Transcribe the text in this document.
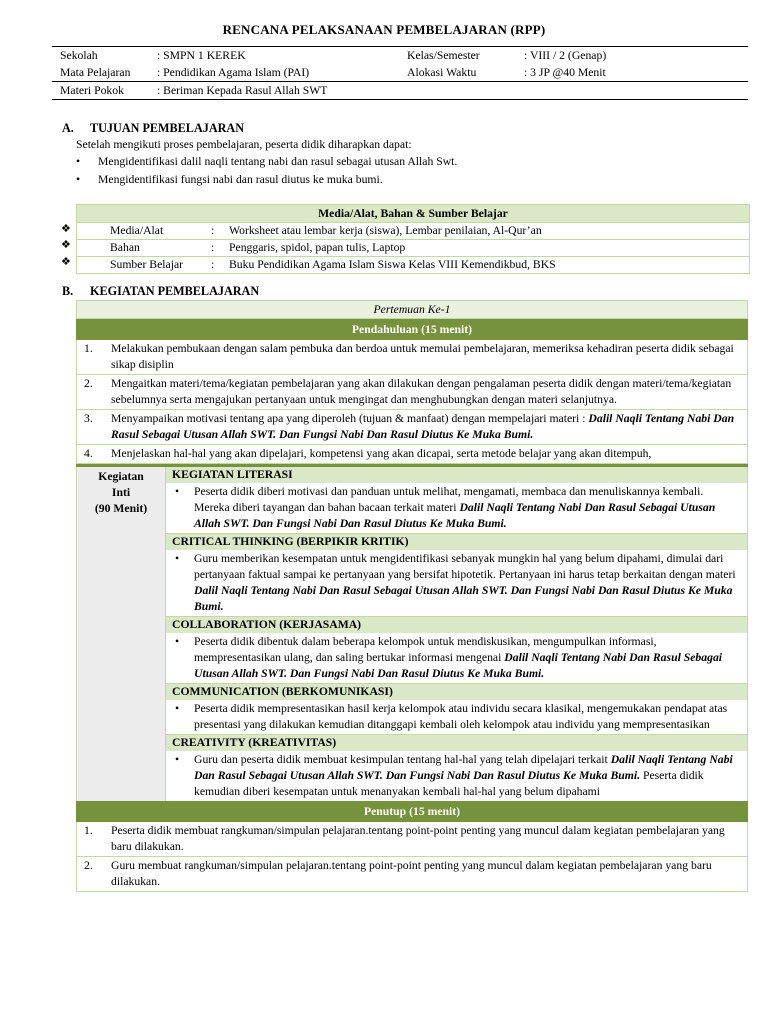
RENCANA PELAKSANAAN PEMBELAJARAN (RPP)
Sekolah	: SMPN 1 KEREK	Kelas/Semester	: VIII / 2 (Genap)
Mata Pelajaran : Pendidikan Agama Islam (PAI)	Alokasi Waktu	: 3 JP @40 Menit
Materi Pokok	: Beriman Kepada Rasul Allah SWT
A. TUJUAN PEMBELAJARAN
Setelah mengikuti proses pembelajaran, peserta didik diharapkan dapat:
• Mengidentifikasi dalil naqli tentang nabi dan rasul sebagai utusan Allah Swt.
• Mengidentifikasi fungsi nabi dan rasul diutus ke muka bumi.
❖
❖
❖
Media/Alat, Bahan & Sumber Belajar
Media/Alat	: Worksheet atau lembar kerja (siswa), Lembar penilaian, Al-Qur’an
Bahan	: Penggaris, spidol, papan tulis, Laptop
Sumber Belajar : Buku Pendidikan Agama Islam Siswa Kelas VIII Kemendikbud, BKS
B. KEGIATAN PEMBELAJARAN
Pertemuan Ke-1
Pendahuluan (15 menit)
1. Melakukan pembukaan dengan salam pembuka dan berdoa untuk memulai pembelajaran, memeriksa kehadiran peserta didik sebagai sikap disiplin
2. Mengaitkan materi/tema/kegiatan pembelajaran yang akan dilakukan dengan pengalaman peserta didik dengan materi/tema/kegiatan sebelumnya serta mengajukan pertanyaan untuk mengingat dan menghubungkan dengan materi selanjutnya.
3. Menyampaikan motivasi tentang apa yang diperoleh (tujuan & manfaat) dengan mempelajari materi : Dalil Naqli Tentang Nabi Dan Rasul Sebagai Utusan Allah SWT. Dan Fungsi Nabi Dan Rasul Diutus Ke Muka Bumi.
4. Menjelaskan hal-hal yang akan dipelajari, kompetensi yang akan dicapai, serta metode belajar yang akan ditempuh,
Kegiatan
Inti
(90 Menit)
KEGIATAN LITERASI
• Peserta didik diberi motivasi dan panduan untuk melihat, mengamati, membaca dan menuliskannya kembali. Mereka diberi tayangan dan bahan bacaan terkait materi Dalil Naqli Tentang Nabi Dan Rasul Sebagai Utusan Allah SWT. Dan Fungsi Nabi Dan Rasul Diutus Ke Muka Bumi.
CRITICAL THINKING (BERPIKIR KRITIK)
• Guru memberikan kesempatan untuk mengidentifikasi sebanyak mungkin hal yang belum dipahami, dimulai dari pertanyaan faktual sampai ke pertanyaan yang bersifat hipotetik. Pertanyaan ini harus tetap berkaitan dengan materi Dalil Naqli Tentang Nabi Dan Rasul Sebagai Utusan Allah SWT. Dan Fungsi Nabi Dan Rasul Diutus Ke Muka Bumi.
COLLABORATION (KERJASAMA)
• Peserta didik dibentuk dalam beberapa kelompok untuk mendiskusikan, mengumpulkan informasi, mempresentasikan ulang, dan saling bertukar informasi mengenai Dalil Naqli Tentang Nabi Dan Rasul Sebagai Utusan Allah SWT. Dan Fungsi Nabi Dan Rasul Diutus Ke Muka Bumi.
COMMUNICATION (BERKOMUNIKASI)
• Peserta didik mempresentasikan hasil kerja kelompok atau individu secara klasikal, mengemukakan pendapat atas presentasi yang dilakukan kemudian ditanggapi kembali oleh kelompok atau individu yang mempresentasikan
CREATIVITY (KREATIVITAS)
• Guru dan peserta didik membuat kesimpulan tentang hal-hal yang telah dipelajari terkait Dalil Naqli Tentang Nabi Dan Rasul Sebagai Utusan Allah SWT. Dan Fungsi Nabi Dan Rasul Diutus Ke Muka Bumi. Peserta didik kemudian diberi kesempatan untuk menanyakan kembali hal-hal yang belum dipahami
Penutup (15 menit)
1. Peserta didik membuat rangkuman/simpulan pelajaran.tentang point-point penting yang muncul dalam kegiatan pembelajaran yang baru dilakukan.
2. Guru membuat rangkuman/simpulan pelajaran.tentang point-point penting yang muncul dalam kegiatan pembelajaran yang baru dilakukan.
